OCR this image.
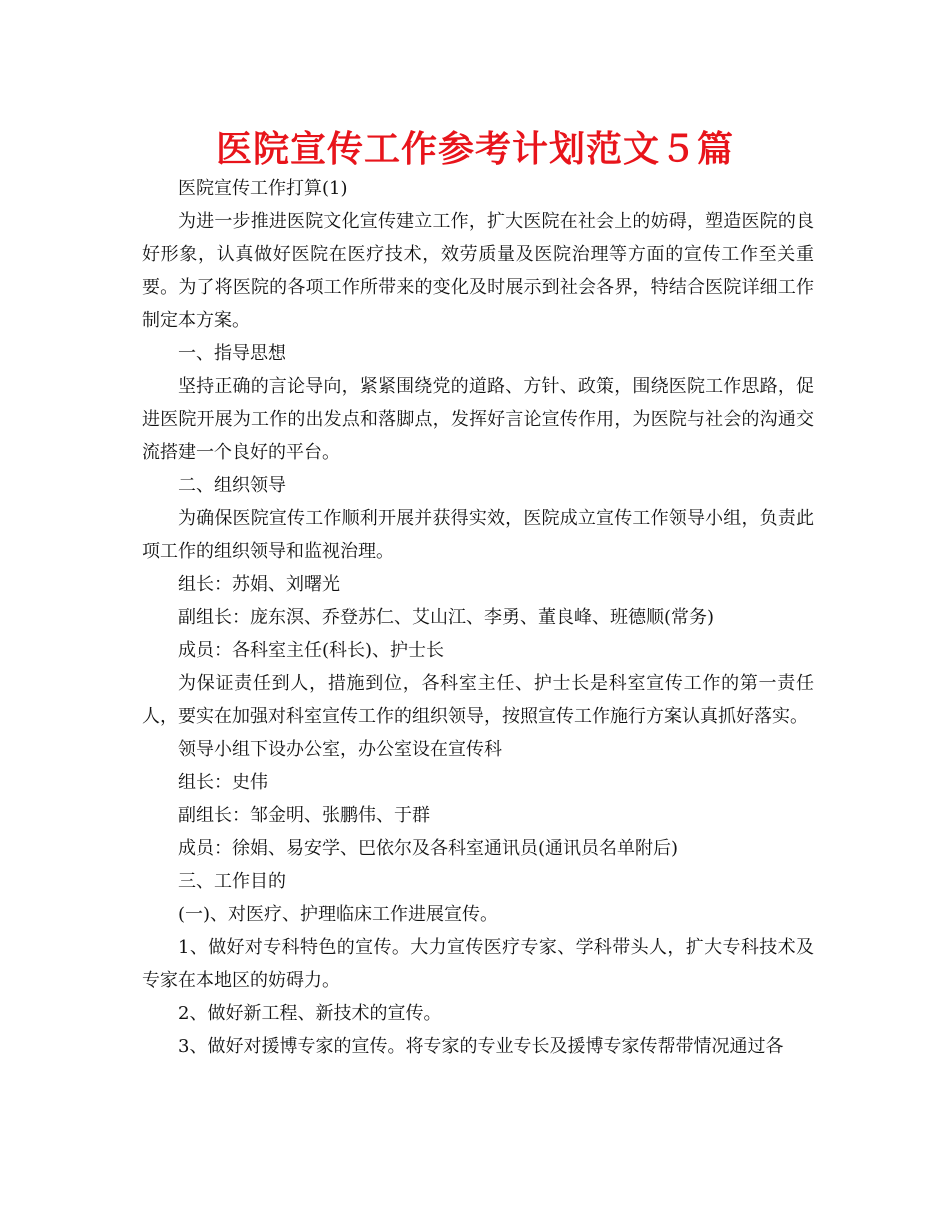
医院宣传工作参考计划范文５篇

医院宣传工作打算(1)

为进一步推进医院文化宣传建立工作，扩大医院在社会上的妨碍，塑造医院的良好形象，认真做好医院在医疗技术，效劳质量及医院治理等方面的宣传工作至关重要。为了将医院的各项工作所带来的变化及时展示到社会各界，特结合医院详细工作制定本方案。

一、指导思想

坚持正确的言论导向，紧紧围绕党的道路、方针、政策，围绕医院工作思路，促进医院开展为工作的出发点和落脚点，发挥好言论宣传作用，为医院与社会的沟通交流搭建一个良好的平台。

二、组织领导

为确保医院宣传工作顺利开展并获得实效，医院成立宣传工作领导小组，负责此项工作的组织领导和监视治理。

组长：苏娟、刘曙光

副组长：庞东溟、乔登苏仁、艾山江、李勇、董良峰、班德顺(常务)

成员：各科室主任(科长)、护士长

为保证责任到人，措施到位，各科室主任、护士长是科室宣传工作的第一责任人，要实在加强对科室宣传工作的组织领导，按照宣传工作施行方案认真抓好落实。

领导小组下设办公室，办公室设在宣传科

组长：史伟

副组长：邹金明、张鹏伟、于群

成员：徐娟、易安学、巴依尔及各科室通讯员(通讯员名单附后)

三、工作目的

(一)、对医疗、护理临床工作进展宣传。

1、做好对专科特色的宣传。大力宣传医疗专家、学科带头人，扩大专科技术及专家在本地区的妨碍力。

2、做好新工程、新技术的宣传。

3、做好对援博专家的宣传。将专家的专业专长及援博专家传帮带情况通过各
